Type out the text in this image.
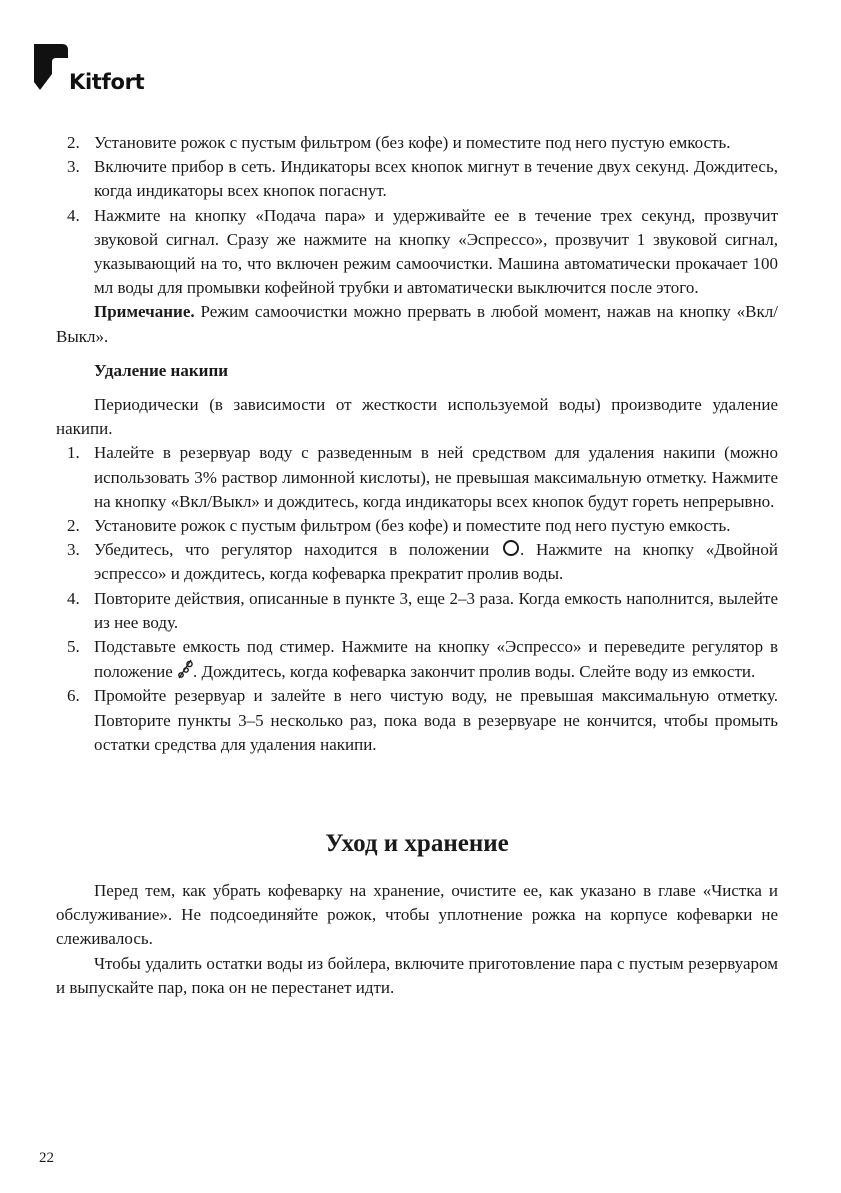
Kitfort
2. Установите рожок с пустым фильтром (без кофе) и поместите под него пустую емкость.
3. Включите прибор в сеть. Индикаторы всех кнопок мигнут в течение двух секунд. Дождитесь, когда индикаторы всех кнопок погаснут.
4. Нажмите на кнопку «Подача пара» и удерживайте ее в течение трех секунд, прозвучит звуковой сигнал. Сразу же нажмите на кнопку «Эспрессо», прозвучит 1 звуковой сигнал, указывающий на то, что включен режим самоочистки. Машина автоматически прокачает 100 мл воды для промывки кофейной трубки и автоматически выключится после этого.

Примечание. Режим самоочистки можно прервать в любой момент, нажав на кнопку «Вкл/Выкл».

Удаление накипи

Периодически (в зависимости от жесткости используемой воды) производите удаление накипи.

1. Налейте в резервуар воду с разведенным в ней средством для удаления накипи (можно использовать 3% раствор лимонной кислоты), не превышая максимальную отметку. Нажмите на кнопку «Вкл/Выкл» и дождитесь, когда индикаторы всех кнопок будут гореть непрерывно.
2. Установите рожок с пустым фильтром (без кофе) и поместите под него пустую емкость.
3. Убедитесь, что регулятор находится в положении . Нажмите на кнопку «Двойной эспрессо» и дождитесь, когда кофеварка прекратит пролив воды.
4. Повторите действия, описанные в пункте 3, еще 2–3 раза. Когда емкость наполнится, вылейте из нее воду.
5. Подставьте емкость под стимер. Нажмите на кнопку «Эспрессо» и переведите регулятор в положение . Дождитесь, когда кофеварка закончит пролив воды. Слейте воду из емкости.
6. Промойте резервуар и залейте в него чистую воду, не превышая максимальную отметку. Повторите пункты 3–5 несколько раз, пока вода в резервуаре не кончится, чтобы промыть остатки средства для удаления накипи.

Уход и хранение

Перед тем, как убрать кофеварку на хранение, очистите ее, как указано в главе «Чистка и обслуживание». Не подсоединяйте рожок, чтобы уплотнение рожка на корпусе кофеварки не слеживалось.

Чтобы удалить остатки воды из бойлера, включите приготовление пара с пустым резервуаром и выпускайте пар, пока он не перестанет идти.

22
